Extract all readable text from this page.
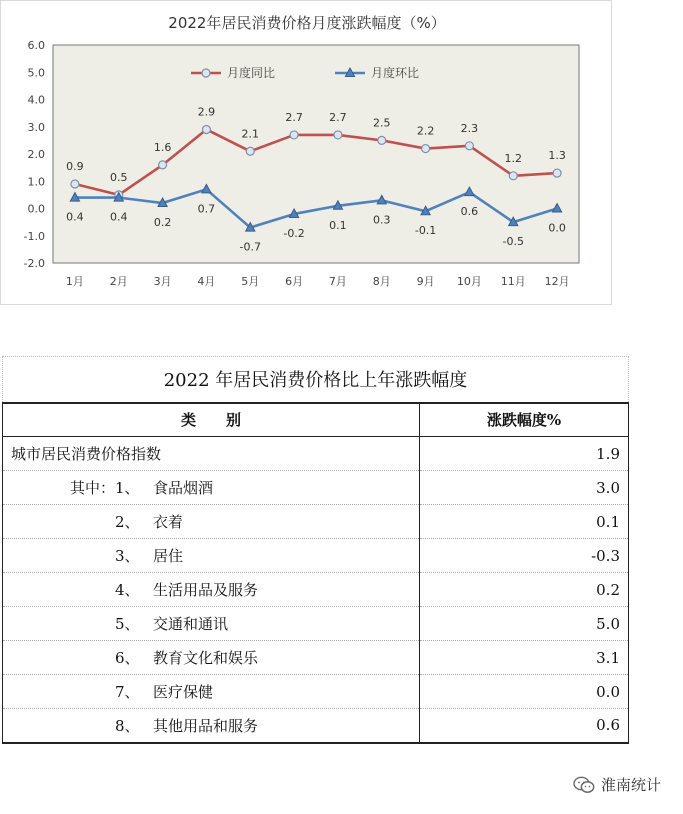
2022年居民消费价格月度涨跌幅度（%）
6.0
5.0
4.0
3.0
2.0
1.0
0.0
-1.0
-2.0
1月 2月 3月 4月 5月 6月 7月 8月 9月 10月 11月 12月
0.9
0.5
1.6
2.9
2.1
2.7 2.7 2.5
2.2 2.3
1.2 1.3
0.4 0.4 0.2
0.7
-0.7
-0.2
0.1 0.3
-0.1
0.6
-0.5
0.0
月度同比	月度环比
2022 年居民消费价格比上年涨跌幅度	
类　　别	涨跌幅度%
城市居民消费价格指数	1.9
其中：1、 食品烟酒	3.0
2、 衣着	0.1
3、 居住	-0.3
4、 生活用品及服务	0.2
5、 交通和通讯	5.0
6、 教育文化和娱乐	3.1
7、 医疗保健	0.0
8、 其他用品和服务	0.6
淮南统计
